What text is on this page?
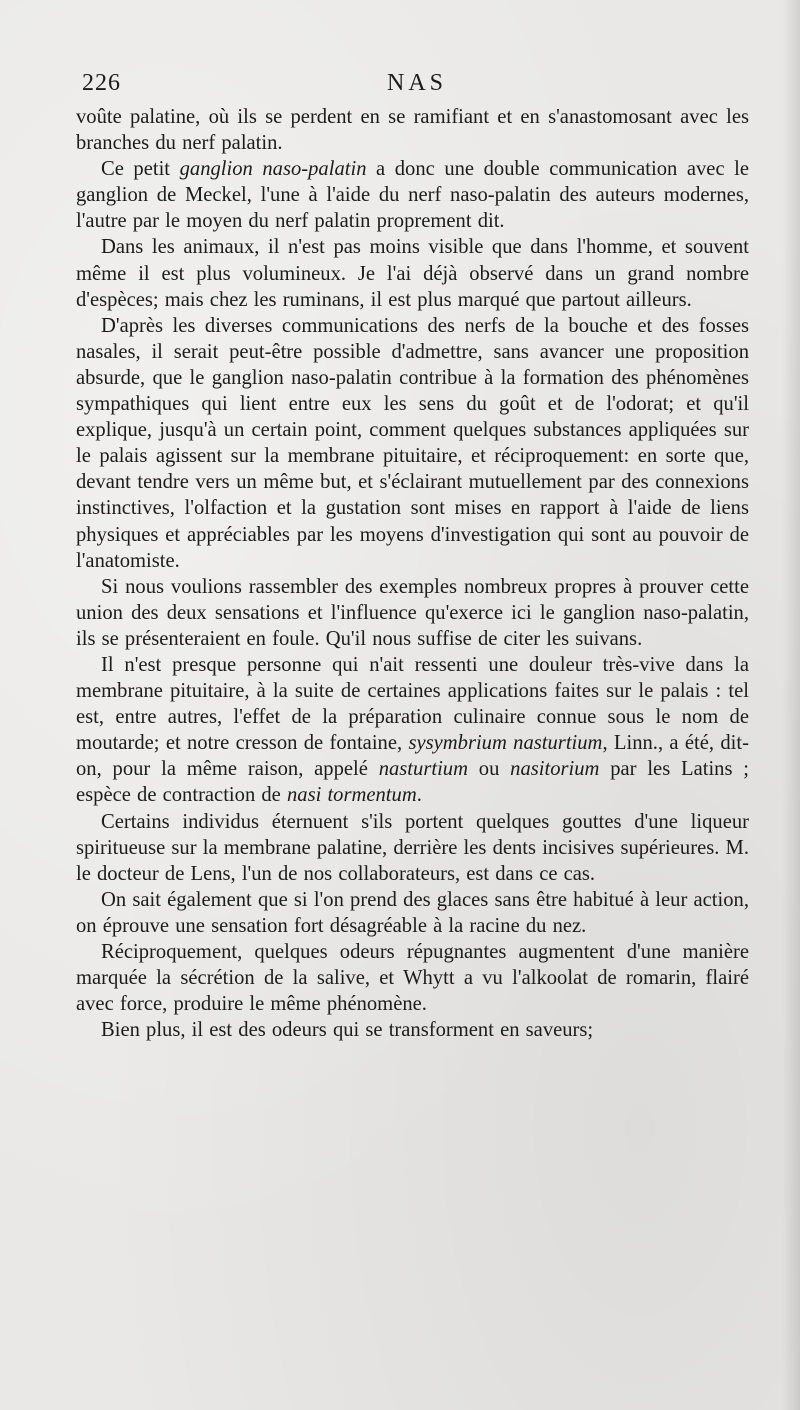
226	NAS

voûte palatine, où ils se perdent en se ramifiant et en s'anastomosant avec les branches du nerf palatin.

Ce petit ganglion naso-palatin a donc une double communication avec le ganglion de Meckel, l'une à l'aide du nerf naso-palatin des auteurs modernes, l'autre par le moyen du nerf palatin proprement dit.

Dans les animaux, il n'est pas moins visible que dans l'homme, et souvent même il est plus volumineux. Je l'ai déjà observé dans un grand nombre d'espèces; mais chez les ruminans, il est plus marqué que partout ailleurs.

D'après les diverses communications des nerfs de la bouche et des fosses nasales, il serait peut-être possible d'admettre, sans avancer une proposition absurde, que le ganglion naso-palatin contribue à la formation des phénomènes sympathiques qui lient entre eux les sens du goût et de l'odorat; et qu'il explique, jusqu'à un certain point, comment quelques substances appliquées sur le palais agissent sur la membrane pituitaire, et réciproquement: en sorte que, devant tendre vers un même but, et s'éclairant mutuellement par des connexions instinctives, l'olfaction et la gustation sont mises en rapport à l'aide de liens physiques et appréciables par les moyens d'investigation qui sont au pouvoir de l'anatomiste.

Si nous voulions rassembler des exemples nombreux propres à prouver cette union des deux sensations et l'influence qu'exerce ici le ganglion naso-palatin, ils se présenteraient en foule. Qu'il nous suffise de citer les suivans.

Il n'est presque personne qui n'ait ressenti une douleur très-vive dans la membrane pituitaire, à la suite de certaines applications faites sur le palais : tel est, entre autres, l'effet de la préparation culinaire connue sous le nom de moutarde; et notre cresson de fontaine, sysymbrium nasturtium, Linn., a été, dit-on, pour la même raison, appelé nasturtium ou nasitorium par les Latins ; espèce de contraction de nasi tormentum.

Certains individus éternuent s'ils portent quelques gouttes d'une liqueur spiritueuse sur la membrane palatine, derrière les dents incisives supérieures. M. le docteur de Lens, l'un de nos collaborateurs, est dans ce cas.

On sait également que si l'on prend des glaces sans être habitué à leur action, on éprouve une sensation fort désagréable à la racine du nez.

Réciproquement, quelques odeurs répugnantes augmentent d'une manière marquée la sécrétion de la salive, et Whytt a vu l'alkoolat de romarin, flairé avec force, produire le même phénomène.

Bien plus, il est des odeurs qui se transforment en saveurs;
